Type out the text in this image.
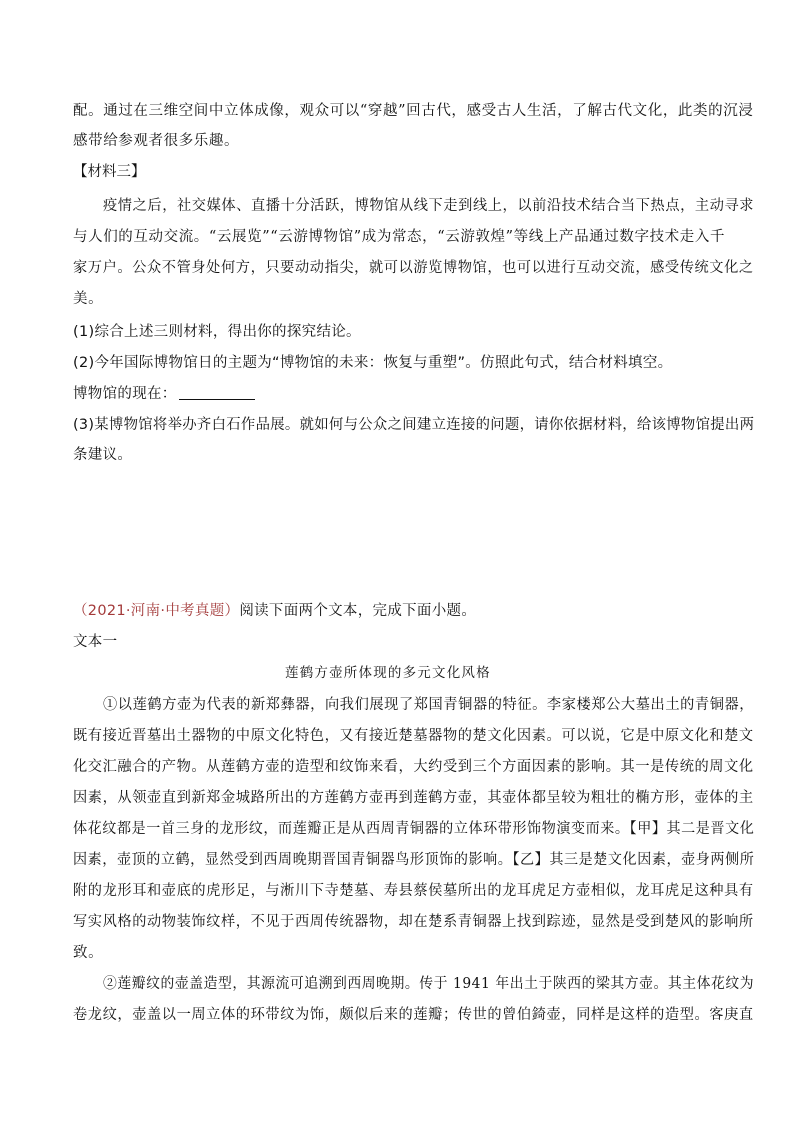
配。通过在三维空间中立体成像，观众可以“穿越”回古代，感受古人生活，了解古代文化，此类的沉浸
感带给参观者很多乐趣。
【材料三】
疫情之后，社交媒体、直播十分活跃，博物馆从线下走到线上，以前沿技术结合当下热点，主动寻求
与人们的互动交流。“云展览”“云游博物馆”成为常态，“云游敦煌”等线上产品通过数字技术走入千
家万户。公众不管身处何方，只要动动指尖，就可以游览博物馆，也可以进行互动交流，感受传统文化之
美。
(1)综合上述三则材料，得出你的探究结论。
(2)今年国际博物馆日的主题为“博物馆的未来：恢复与重塑”。仿照此句式，结合材料填空。
博物馆的现在：
(3)某博物馆将举办齐白石作品展。就如何与公众之间建立连接的问题，请你依据材料，给该博物馆提出两
条建议。
（2021·河南·中考真题）阅读下面两个文本，完成下面小题。
文本一
莲鹤方壶所体现的多元文化风格
①以莲鹤方壶为代表的新郑彝器，向我们展现了郑国青铜器的特征。李家楼郑公大墓出土的青铜器，
既有接近晋墓出土器物的中原文化特色，又有接近楚墓器物的楚文化因素。可以说，它是中原文化和楚文
化交汇融合的产物。从莲鹤方壶的造型和纹饰来看，大约受到三个方面因素的影响。其一是传统的周文化
因素，从领壶直到新郑金城路所出的方莲鹤方壶再到莲鹤方壶，其壶体都呈较为粗壮的椭方形，壶体的主
体花纹都是一首三身的龙形纹，而莲瓣正是从西周青铜器的立体环带形饰物演变而来。【甲】其二是晋文化
因素，壶顶的立鹤，显然受到西周晚期晋国青铜器鸟形顶饰的影响。【乙】其三是楚文化因素，壶身两侧所
附的龙形耳和壶底的虎形足，与淅川下寺楚墓、寿县蔡侯墓所出的龙耳虎足方壶相似，龙耳虎足这种具有
写实风格的动物装饰纹样，不见于西周传统器物，却在楚系青铜器上找到踪迹，显然是受到楚风的影响所
致。
②莲瓣纹的壶盖造型，其源流可追溯到西周晚期。传于 1941 年出土于陕西的梁其方壶。其主体花纹为
卷龙纹，壶盖以一周立体的环带纹为饰，颇似后来的莲瓣；传世的曾伯錡壶，同样是这样的造型。客庚直
